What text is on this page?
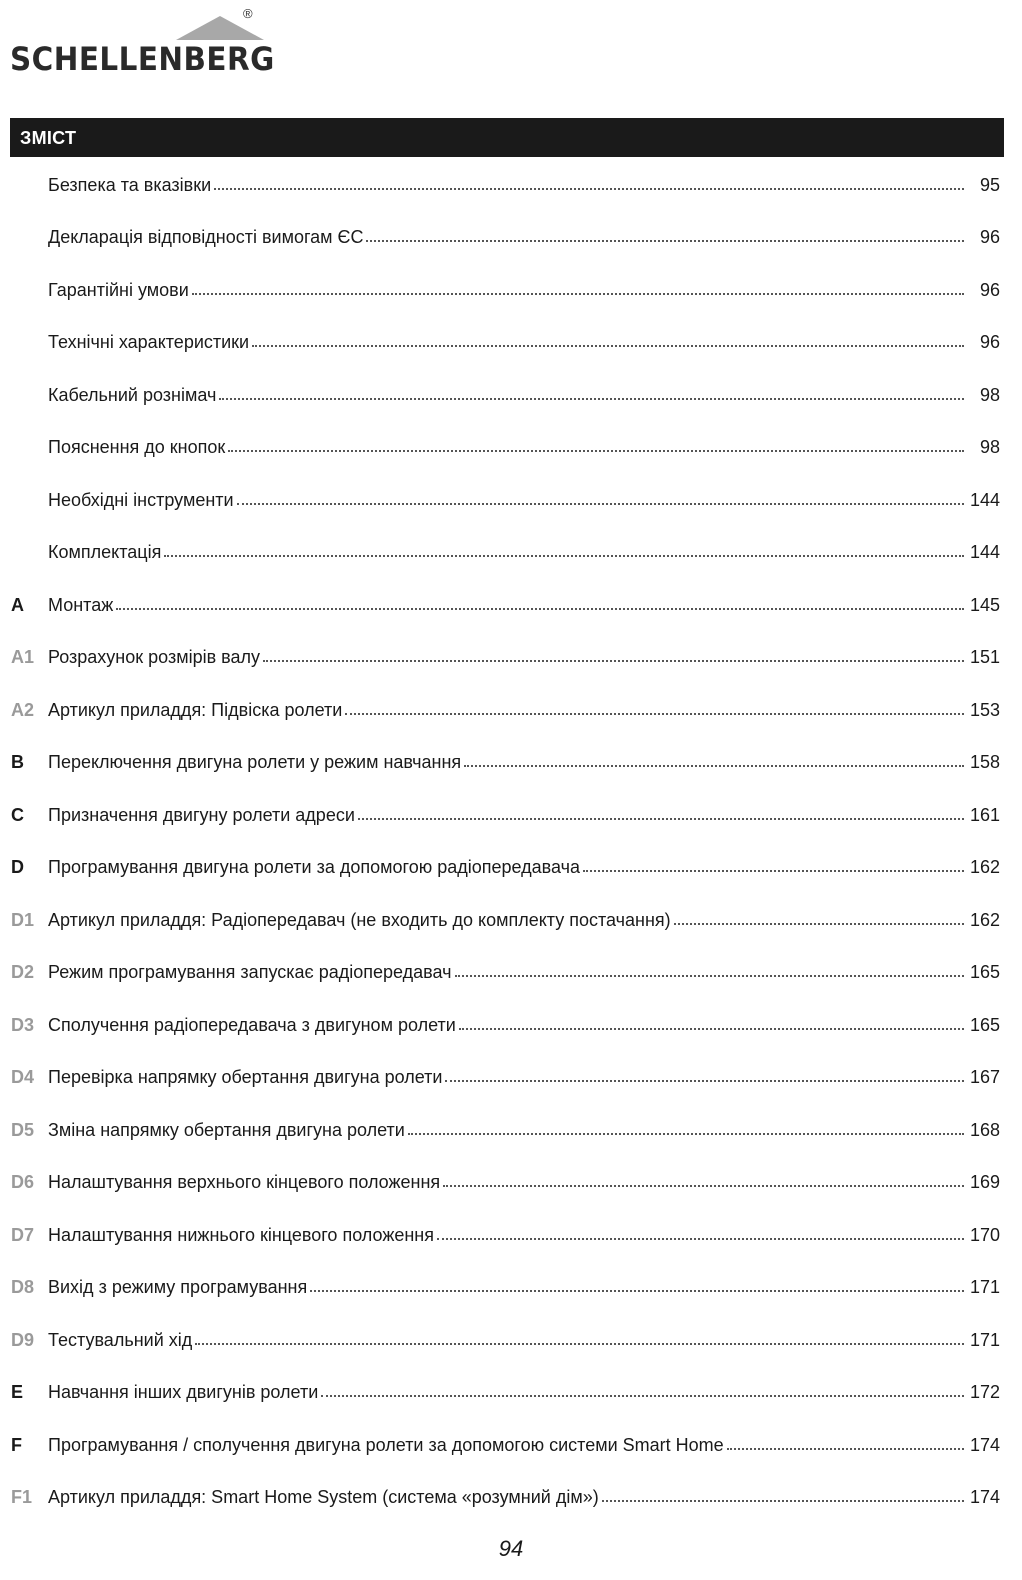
®
SCHELLENBERG
ЗМІСТ
Безпека та вказівки	95
Декларація відповідності вимогам ЄС	96
Гарантійні умови	96
Технічні характеристики	96
Кабельний рознімач	98
Пояснення до кнопок	98
Необхідні інструменти	144
Комплектація	144
A	Монтаж	145
A1 Розрахунок розмірів валу	151
A2 Артикул приладдя: Підвіска ролети	153
B	Переключення двигуна ролети у режим навчання	158
C	Призначення двигуну ролети адреси	161
D	Програмування двигуна ролети за допомогою радіопередавача	162
D1 Артикул приладдя: Радіопередавач (не входить до комплекту постачання)	162
D2 Режим програмування запускає радіопередавач	165
D3 Сполучення радіопередавача з двигуном ролети	165
D4 Перевірка напрямку обертання двигуна ролети	167
D5 Зміна напрямку обертання двигуна ролети	168
D6 Налаштування верхнього кінцевого положення	169
D7 Налаштування нижнього кінцевого положення	170
D8 Вихід з режиму програмування	171
D9 Тестувальний хід	171
E	Навчання інших двигунів ролети	172
F	Програмування / сполучення двигуна ролети за допомогою системи Smart Home	174
F1 Артикул приладдя: Smart Home System (система «розумний дім»)	174
94
